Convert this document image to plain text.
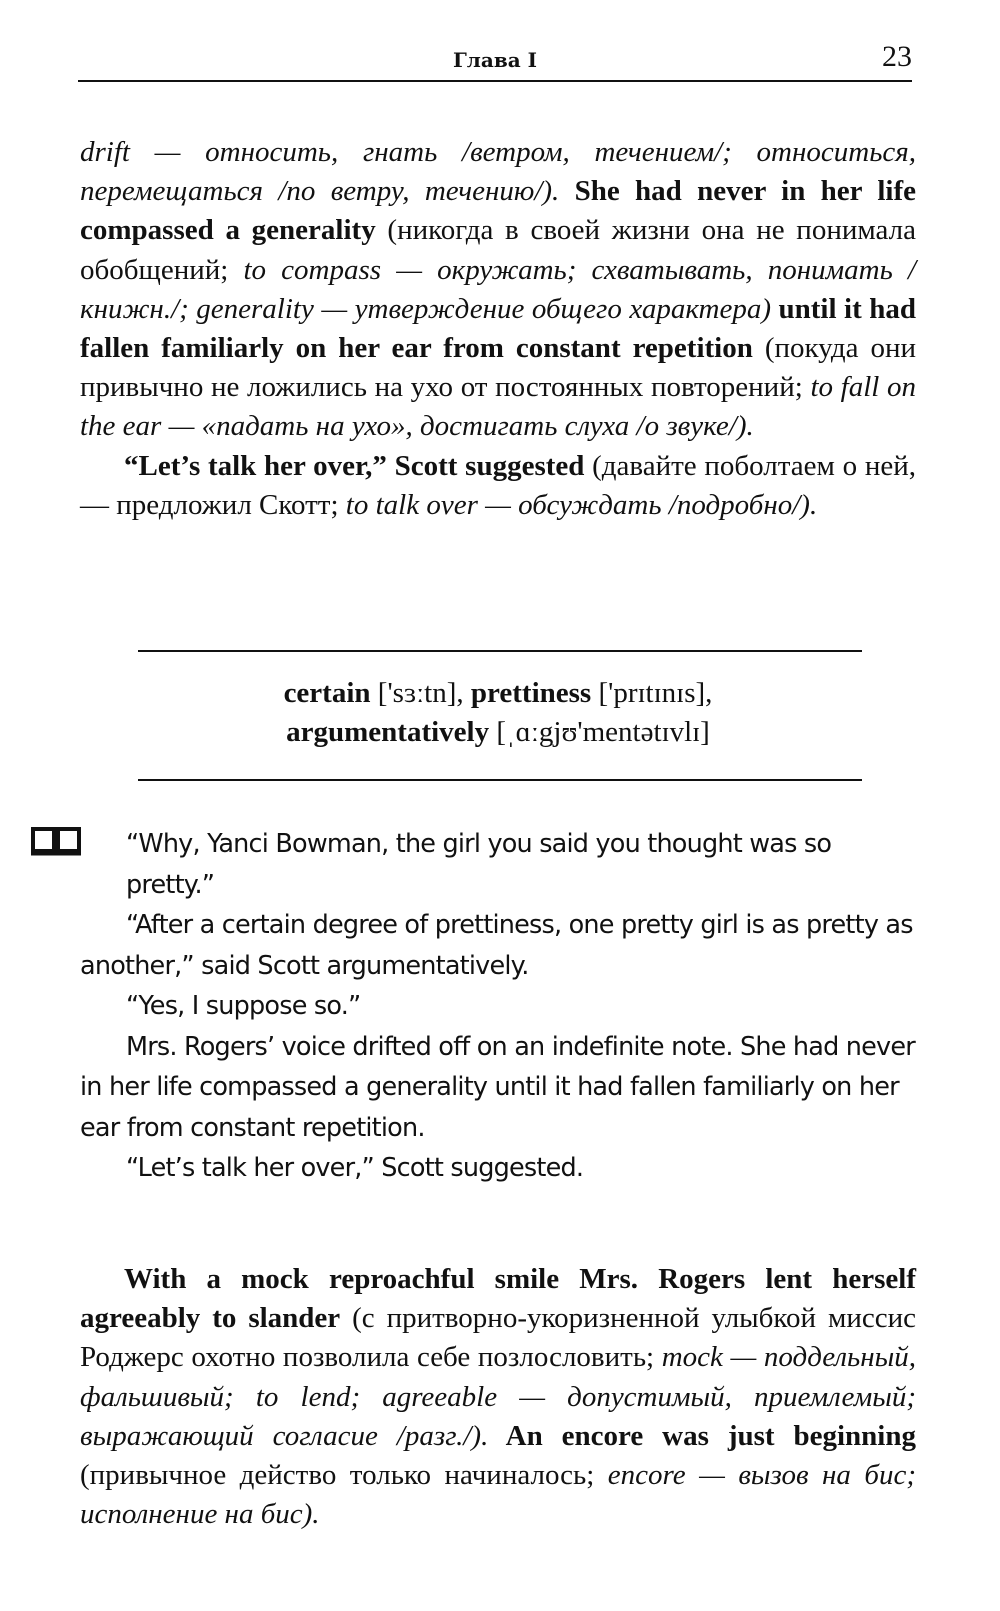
Глава I	23

drift — относить, гнать /ветром, течением/; относиться, перемещаться /по ветру, течению/). She had never in her life compassed a generality (никогда в своей жизни она не понимала обобщений; to compass — окружать; схватывать, понимать /книжн./; generality — утверждение общего характера) until it had fallen familiarly on her ear from constant repetition (покуда они привычно не ложились на ухо от постоянных повторений; to fall on the ear — «падать на ухо», достигать слуха /о звуке/).

“Let’s talk her over,” Scott suggested (давайте поболтаем о ней, — предложил Скотт; to talk over — обсуждать /подробно/).

certain ['sɜːtn], prettiness ['prɪtɪnɪs],
argumentatively [ˌɑːgjʊ'mentətɪvlɪ]

“Why, Yanci Bowman, the girl you said you thought was so pretty.”

“After a certain degree of prettiness, one pretty girl is as pretty as another,” said Scott argumentatively.

“Yes, I suppose so.”

Mrs. Rogers’ voice drifted off on an indefinite note. She had never in her life compassed a generality until it had fallen familiarly on her ear from constant repetition.

“Let’s talk her over,” Scott suggested.

With a mock reproachful smile Mrs. Rogers lent herself agreeably to slander (с притворно-укоризненной улыбкой миссис Роджерс охотно позволила себе позлословить; mock — поддельный, фальшивый; to lend; agreeable — допустимый, приемлемый; выражающий согласие /разг./). An encore was just beginning (привычное действо только начиналось; encore — вызов на бис; исполнение на бис).
